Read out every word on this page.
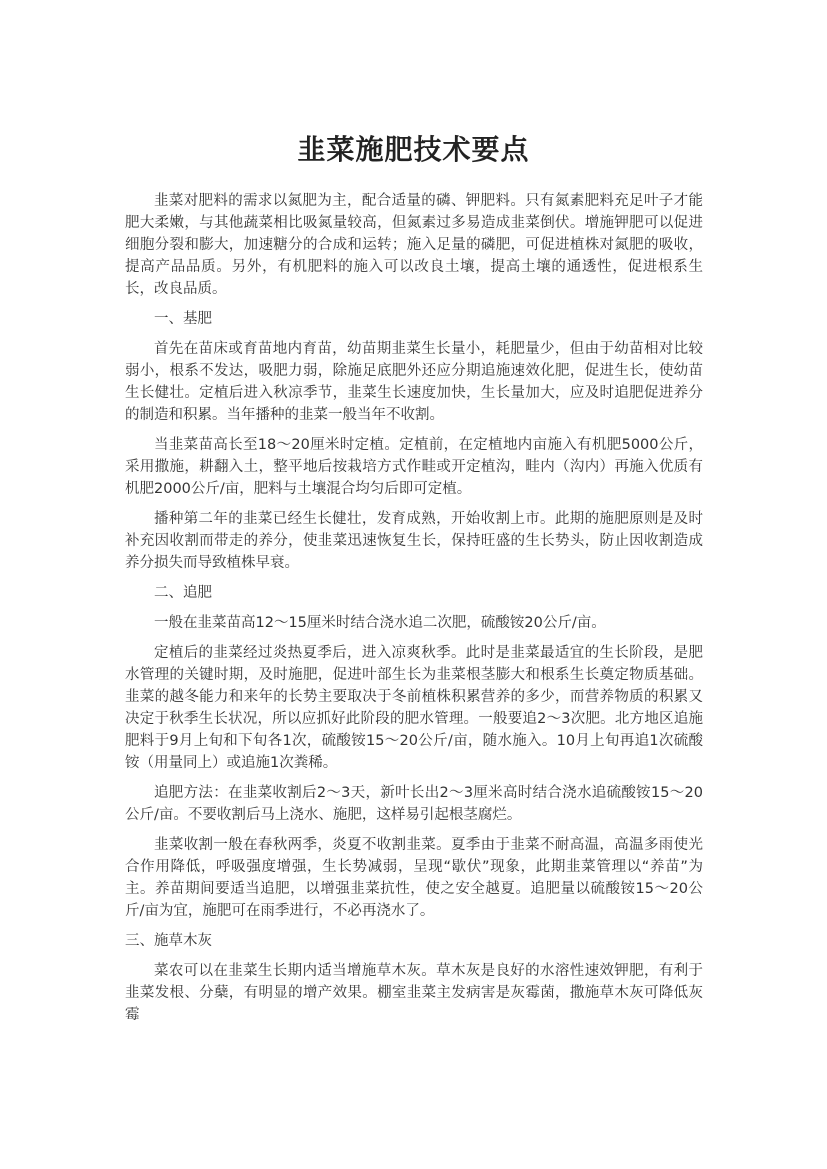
韭菜施肥技术要点

韭菜对肥料的需求以氮肥为主，配合适量的磷、钾肥料。只有氮素肥料充足叶子才能肥大柔嫩，与其他蔬菜相比吸氮量较高，但氮素过多易造成韭菜倒伏。增施钾肥可以促进细胞分裂和膨大，加速糖分的合成和运转；施入足量的磷肥，可促进植株对氮肥的吸收，提高产品品质。另外，有机肥料的施入可以改良土壤，提高土壤的通透性，促进根系生长，改良品质。

一、基肥

首先在苗床或育苗地内育苗，幼苗期韭菜生长量小，耗肥量少，但由于幼苗相对比较弱小，根系不发达，吸肥力弱，除施足底肥外还应分期追施速效化肥，促进生长，使幼苗生长健壮。定植后进入秋凉季节，韭菜生长速度加快，生长量加大，应及时追肥促进养分的制造和积累。当年播种的韭菜一般当年不收割。

当韭菜苗高长至18～20厘米时定植。定植前，在定植地内亩施入有机肥5000公斤，采用撒施，耕翻入土，整平地后按栽培方式作畦或开定植沟，畦内（沟内）再施入优质有机肥2000公斤/亩，肥料与土壤混合均匀后即可定植。

播种第二年的韭菜已经生长健壮，发育成熟，开始收割上市。此期的施肥原则是及时补充因收割而带走的养分，使韭菜迅速恢复生长，保持旺盛的生长势头，防止因收割造成养分损失而导致植株早衰。

二、追肥

一般在韭菜苗高12～15厘米时结合浇水追二次肥，硫酸铵20公斤/亩。

定植后的韭菜经过炎热夏季后，进入凉爽秋季。此时是韭菜最适宜的生长阶段，是肥水管理的关键时期，及时施肥，促进叶部生长为韭菜根茎膨大和根系生长奠定物质基础。韭菜的越冬能力和来年的长势主要取决于冬前植株积累营养的多少，而营养物质的积累又决定于秋季生长状况，所以应抓好此阶段的肥水管理。一般要追2～3次肥。北方地区追施肥料于9月上旬和下旬各1次，硫酸铵15～20公斤/亩，随水施入。10月上旬再追1次硫酸铵（用量同上）或追施1次粪稀。

追肥方法：在韭菜收割后2～3天，新叶长出2～3厘米高时结合浇水追硫酸铵15～20公斤/亩。不要收割后马上浇水、施肥，这样易引起根茎腐烂。

韭菜收割一般在春秋两季，炎夏不收割韭菜。夏季由于韭菜不耐高温，高温多雨使光合作用降低，呼吸强度增强，生长势减弱，呈现“歇伏”现象，此期韭菜管理以“养苗”为主。养苗期间要适当追肥，以增强韭菜抗性，使之安全越夏。追肥量以硫酸铵15～20公斤/亩为宜，施肥可在雨季进行，不必再浇水了。

三、施草木灰

菜农可以在韭菜生长期内适当增施草木灰。草木灰是良好的水溶性速效钾肥，有利于韭菜发根、分蘖，有明显的增产效果。棚室韭菜主发病害是灰霉菌，撒施草木灰可降低灰霉
